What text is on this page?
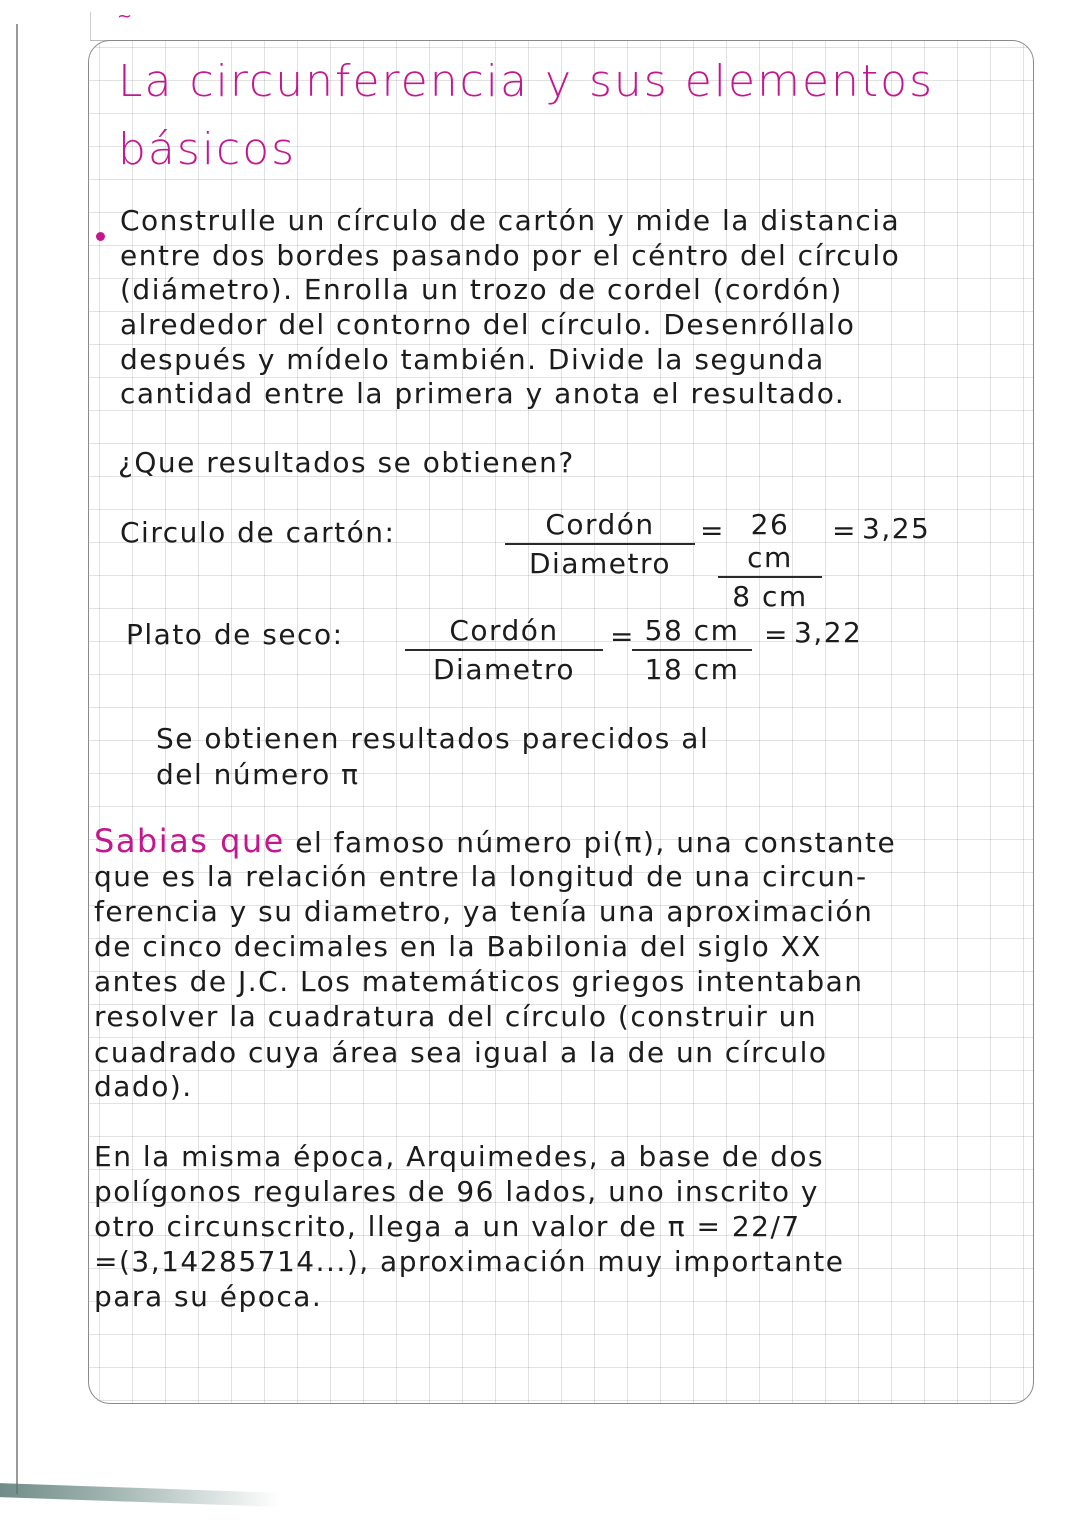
~
La circunferencia y sus elementos
básicos
Construlle un círculo de cartón y mide la distancia
entre dos bordes pasando por el céntro del círculo
(diámetro). Enrolla un trozo de cordel (cordón)
alrededor del contorno del círculo. Desenróllalo
después y mídelo también. Divide la segunda
cantidad entre la primera y anota el resultado.
¿Que resultados se obtienen?
Circulo de cartón:	Cordón
Diametro
=
$\frac{26 cm}{8 cm} = 3,25$
Plato de seco:	Cordón
Diametro
=
$\frac{58 cm}{18 cm} = 3,22$
Se obtienen resultados parecidos al
del número π
Sabias que el famoso número pi(π), una constante
que es la relación entre la longitud de una circun-
ferencia y su diametro, ya tenía una aproximación
de cinco decimales en la Babilonia del siglo XX
antes de J.C. Los matemáticos griegos intentaban
resolver la cuadratura del círculo (construir un
cuadrado cuya área sea igual a la de un círculo
dado).
En la misma época, Arquimedes, a base de dos
polígonos regulares de 96 lados, uno inscrito y
otro circunscrito, llega a un valor de π = 22/7
=(3,14285714...), aproximación muy importante
para su época.
